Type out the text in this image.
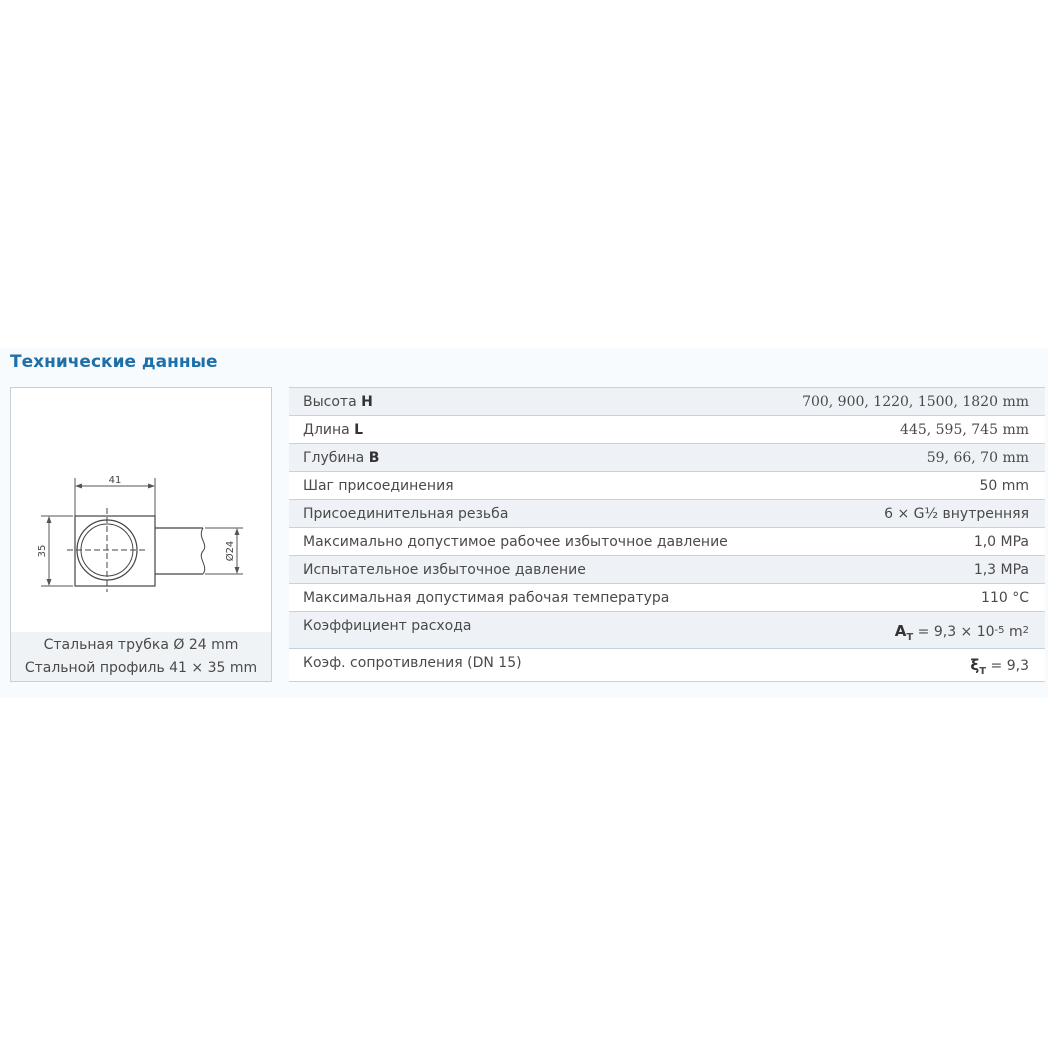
Технические данные
41
35	Ø24
Стальная трубка Ø 24 mm
Стальной профиль 41 × 35 mm
Высота H	700, 900, 1220, 1500, 1820 mm
Длина L	445, 595, 745 mm
Глубина B	59, 66, 70 mm
Шаг присоединения	50 mm
Присоединительная резьба	6 × G½ внутренняя
Максимально допустимое рабочее избыточное давление	1,0 MPa
Испытательное избыточное давление	1,3 MPa
Максимальная допустимая рабочая температура	110 °C
Коэффициент расхода	$A_T = 9,3 \times 10^{-5}$ $m^2$
Коэф. сопротивления (DN 15)	$\xi_T = 9,3$
